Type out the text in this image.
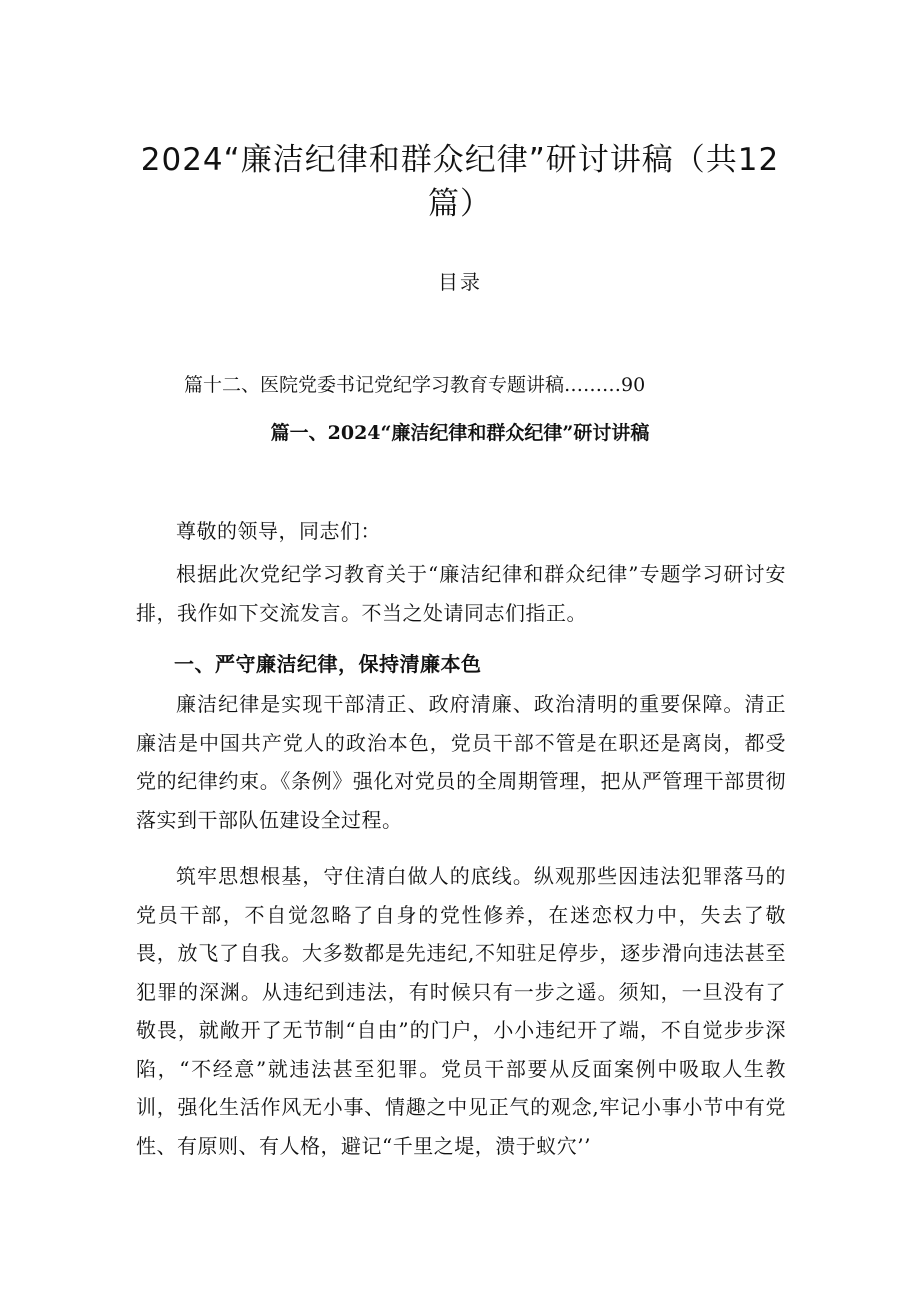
2024“廉洁纪律和群众纪律”研讨讲稿（共12篇）
目录
篇十二、医院党委书记党纪学习教育专题讲稿………90
篇一、2024“廉洁纪律和群众纪律”研讨讲稿

尊敬的领导，同志们：

根据此次党纪学习教育关于“廉洁纪律和群众纪律”专题学习研讨安排，我作如下交流发言。不当之处请同志们指正。

一、严守廉洁纪律，保持清廉本色

廉洁纪律是实现干部清正、政府清廉、政治清明的重要保障。清正廉洁是中国共产党人的政治本色，党员干部不管是在职还是离岗，都受党的纪律约束。《条例》强化对党员的全周期管理，把从严管理干部贯彻落实到干部队伍建设全过程。

筑牢思想根基，守住清白做人的底线。纵观那些因违法犯罪落马的党员干部，不自觉忽略了自身的党性修养，在迷恋权力中，失去了敬畏，放飞了自我。大多数都是先违纪,不知驻足停步，逐步滑向违法甚至犯罪的深渊。从违纪到违法，有时候只有一步之遥。须知，一旦没有了敬畏，就敞开了无节制“自由”的门户，小小违纪开了端，不自觉步步深陷，“不经意”就违法甚至犯罪。党员干部要从反面案例中吸取人生教训，强化生活作风无小事、情趣之中见正气的观念,牢记小事小节中有党性、有原则、有人格，避记“千里之堤，溃于蚁穴’’
